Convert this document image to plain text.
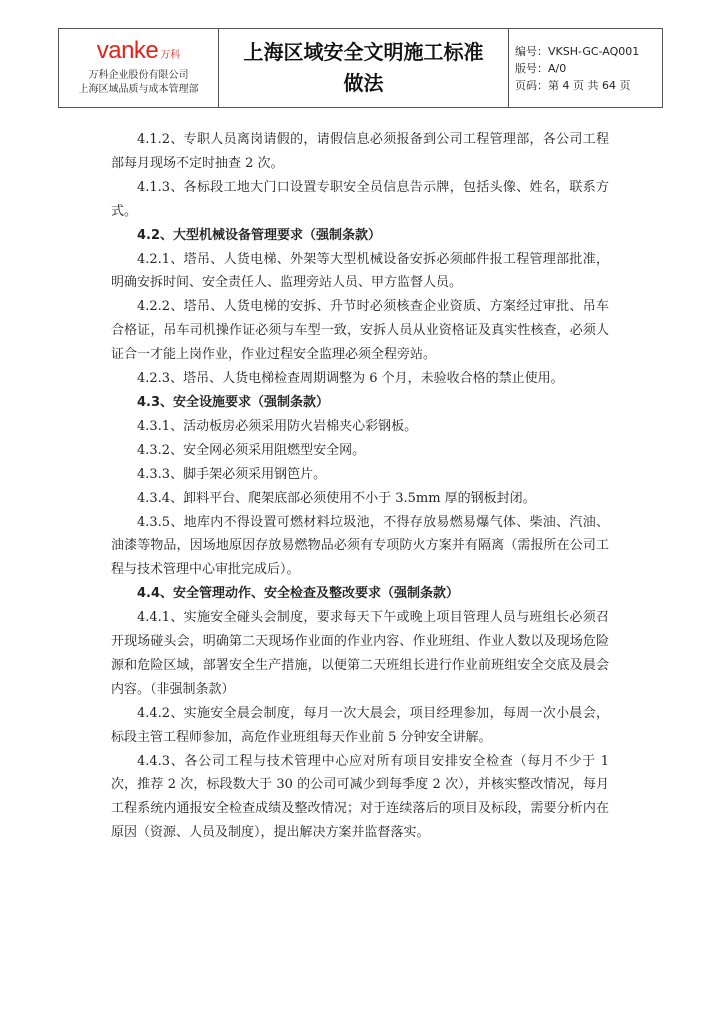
vanke 万科
万科企业股份有限公司
上海区域品质与成本管理部
上海区域安全文明施工标准
做法
编号：VKSH-GC-AQ001
版号：A/0
页码：第 4 页 共 64 页

4.1.2、专职人员离岗请假的，请假信息必须报备到公司工程管理部，各公司工程部每月现场不定时抽查 2 次。

4.1.3、各标段工地大门口设置专职安全员信息告示牌，包括头像、姓名，联系方式。

4.2、大型机械设备管理要求（强制条款）

4.2.1、塔吊、人货电梯、外架等大型机械设备安拆必须邮件报工程管理部批准，明确安拆时间、安全责任人、监理旁站人员、甲方监督人员。

4.2.2、塔吊、人货电梯的安拆、升节时必须核查企业资质、方案经过审批、吊车合格证，吊车司机操作证必须与车型一致，安拆人员从业资格证及真实性核查，必须人证合一才能上岗作业，作业过程安全监理必须全程旁站。

4.2.3、塔吊、人货电梯检查周期调整为 6 个月，未验收合格的禁止使用。

4.3、安全设施要求（强制条款）

4.3.1、活动板房必须采用防火岩棉夹心彩钢板。

4.3.2、安全网必须采用阻燃型安全网。

4.3.3、脚手架必须采用钢笆片。

4.3.4、卸料平台、爬架底部必须使用不小于 3.5mm 厚的钢板封闭。

4.3.5、地库内不得设置可燃材料垃圾池，不得存放易燃易爆气体、柴油、汽油、油漆等物品，因场地原因存放易燃物品必须有专项防火方案并有隔离（需报所在公司工程与技术管理中心审批完成后）。

4.4、安全管理动作、安全检查及整改要求（强制条款）

4.4.1、实施安全碰头会制度，要求每天下午或晚上项目管理人员与班组长必须召开现场碰头会，明确第二天现场作业面的作业内容、作业班组、作业人数以及现场危险源和危险区域，部署安全生产措施，以便第二天班组长进行作业前班组安全交底及晨会内容。（非强制条款）

4.4.2、实施安全晨会制度，每月一次大晨会，项目经理参加，每周一次小晨会，标段主管工程师参加，高危作业班组每天作业前 5 分钟安全讲解。

4.4.3、各公司工程与技术管理中心应对所有项目安排安全检查（每月不少于 1 次，推荐 2 次，标段数大于 30 的公司可减少到每季度 2 次），并核实整改情况，每月工程系统内通报安全检查成绩及整改情况；对于连续落后的项目及标段，需要分析内在原因（资源、人员及制度），提出解决方案并监督落实。
